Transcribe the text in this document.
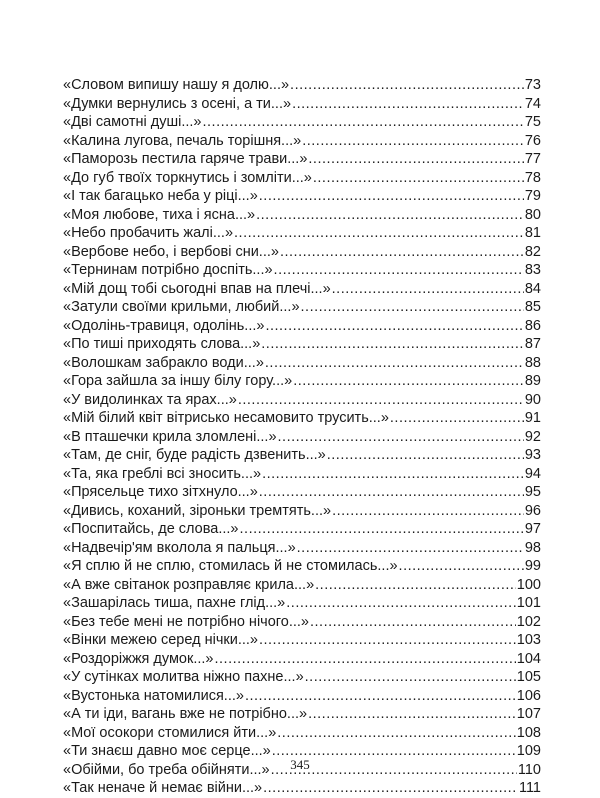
«Словом випишу нашу я долю...» .....	73
«Думки вернулись з осені, а ти...» .....	74
«Дві самотні душі...» .....	75
«Калина лугова, печаль торішня...» .....	76
«Паморозь пестила гаряче трави...» .....	77
«До губ твоїх торкнутись і зомліти...» .....	78
«І так багацько неба у ріці...» .....	79
«Моя любове, тиха і ясна...» .....	80
«Небо пробачить жалі...» .....	81
«Вербове небо, і вербові сни...» .....	82
«Тернинам потрібно доспіть...» .....	83
«Мій дощ тобі сьогодні впав на плечі...» .....	84
«Затули своїми крильми, любий...» .....	85
«Одолінь-травиця, одолінь...» .....	86
«По тиші приходять слова...» .....	87
«Волошкам забракло води...» .....	88
«Гора зайшла за іншу білу гору...» .....	89
«У видолинках та ярах...» .....	90
«Мій білий квіт вітрисько несамовито трусить...» .....	91
«В пташечки крила зломлені...» .....	92
«Там, де сніг, буде радість дзвенить...» .....	93
«Та, яка греблі всі зносить...» .....	94
«Прясельце тихо зітхнуло...» .....	95
«Дивись, коханий, зіроньки тремтять...» .....	96
«Поспитайсь, де слова...» .....	97
«Надвечір'ям вколола я пальця...» .....	98
«Я сплю й не сплю, стомилась й не стомилась...» .....	99
«А вже світанок розправляє крила...» .....	100
«Зашарілась тиша, пахне глід...» .....	101
«Без тебе мені не потрібно нічого...» .....	102
«Вінки межею серед нічки...» .....	103
«Роздоріжжя думок...» .....	104
«У сутінках молитва ніжно пахне...» .....	105
«Вустонька натомилися...» .....	106
«А ти іди, вагань вже не потрібно...» .....	107
«Мої осокори стомилися йти...» .....	108
«Ти знаєш давно моє серце...» .....	109
«Обійми, бо треба обійняти...» .....	110
«Так неначе й немає війни...» .....	111
345
